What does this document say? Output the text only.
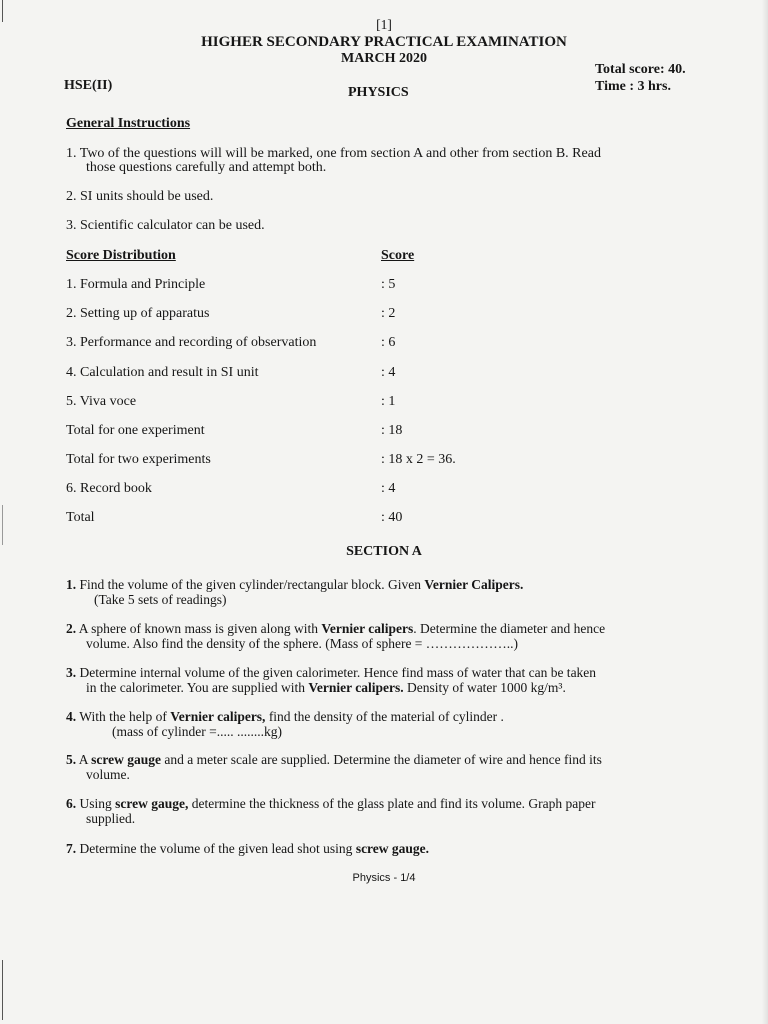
[1]
HIGHER SECONDARY PRACTICAL EXAMINATION
MARCH 2020
HSE(II)	PHYSICS
Total score: 40.
Time : 3 hrs.
General Instructions
1. Two of the questions will will be marked, one from section A and other from section B. Read
those questions carefully and attempt both.
2. SI units should be used.
3. Scientific calculator can be used.
Score Distribution	Score
1. Formula and Principle	: 5
2. Setting up of apparatus	: 2
3. Performance and recording of observation	: 6
4. Calculation and result in SI unit	: 4
5. Viva voce	: 1
Total for one experiment	: 18
Total for two experiments	: 18 x 2 = 36.
6. Record book	: 4
Total	: 40
SECTION A
1. Find the volume of the given cylinder/rectangular block. Given Vernier Calipers.
(Take 5 sets of readings)
2. A sphere of known mass is given along with Vernier calipers. Determine the diameter and hence
volume. Also find the density of the sphere. (Mass of sphere = ………………..)
3. Determine internal volume of the given calorimeter. Hence find mass of water that can be taken
in the calorimeter. You are supplied with Vernier calipers. Density of water 1000 kg/m³.
4. With the help of Vernier calipers, find the density of the material of cylinder .
(mass of cylinder =..... ........kg)
5. A screw gauge and a meter scale are supplied. Determine the diameter of wire and hence find its
volume.
6. Using screw gauge, determine the thickness of the glass plate and find its volume. Graph paper
supplied.
7. Determine the volume of the given lead shot using screw gauge.
Physics - 1/4
